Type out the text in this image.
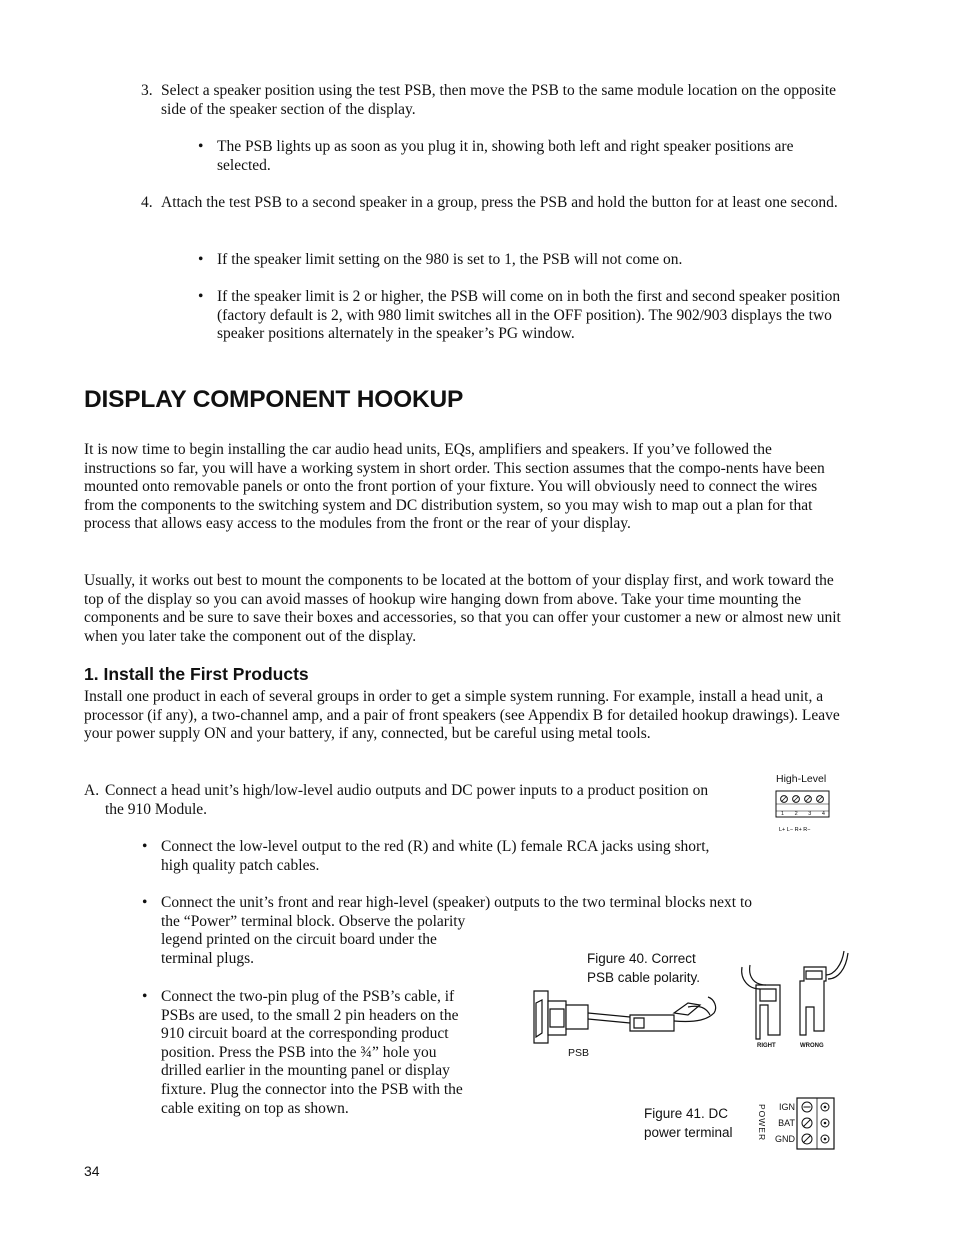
3. Select a speaker position using the test PSB, then move the PSB to the same module location on the opposite side of the speaker section of the display.
• The PSB lights up as soon as you plug it in, showing both left and right speaker positions are selected.
4. Attach the test PSB to a second speaker in a group, press the PSB and hold the button for at least one second.
• If the speaker limit setting on the 980 is set to 1, the PSB will not come on.
• If the speaker limit is 2 or higher, the PSB will come on in both the first and second speaker position (factory default is 2, with 980 limit switches all in the OFF position). The 902/903 displays the two speaker positions alternately in the speaker’s PG window.
DISPLAY COMPONENT HOOKUP
It is now time to begin installing the car audio head units, EQs, amplifiers and speakers. If you’ve followed the instructions so far, you will have a working system in short order. This section assumes that the compo-nents have been mounted onto removable panels or onto the front portion of your fixture. You will obviously need to connect the wires from the components to the switching system and DC distribution system, so you may wish to map out a plan for that process that allows easy access to the modules from the front or the rear of your display.
Usually, it works out best to mount the components to be located at the bottom of your display first, and work toward the top of the display so you can avoid masses of hookup wire hanging down from above. Take your time mounting the components and be sure to save their boxes and accessories, so that you can offer your customer a new or almost new unit when you later take the component out of the display.
1. Install the First Products
Install one product in each of several groups in order to get a simple system running. For example, install a head unit, a processor (if any), a two-channel amp, and a pair of front speakers (see Appendix B for detailed hookup drawings). Leave your power supply ON and your battery, if any, connected, but be careful using metal tools.
A. Connect a head unit’s high/low-level audio outputs and DC power inputs to a product position on the 910 Module.
• Connect the low-level output to the red (R) and white (L) female RCA jacks using short, high quality patch cables.
• Connect the unit’s front and rear high-level (speaker) outputs to the two terminal blocks next to
the “Power” terminal block. Observe the polarity
legend printed on the circuit board under the
terminal plugs.
• Connect the two-pin plug of the PSB’s cable, if
PSBs are used, to the small 2 pin headers on the
910 circuit board at the corresponding product
position. Press the PSB into the ¾” hole you
drilled earlier in the mounting panel or display
fixture. Plug the connector into the PSB with the
cable exiting on top as shown.
High-Level
L+ L− R+ R−
1 2 3 4
Figure 40. Correct
PSB cable polarity.
PSB
RIGHT	WRONG
Figure 41. DC
power terminal	POWER	IGN
BAT
GND
34
